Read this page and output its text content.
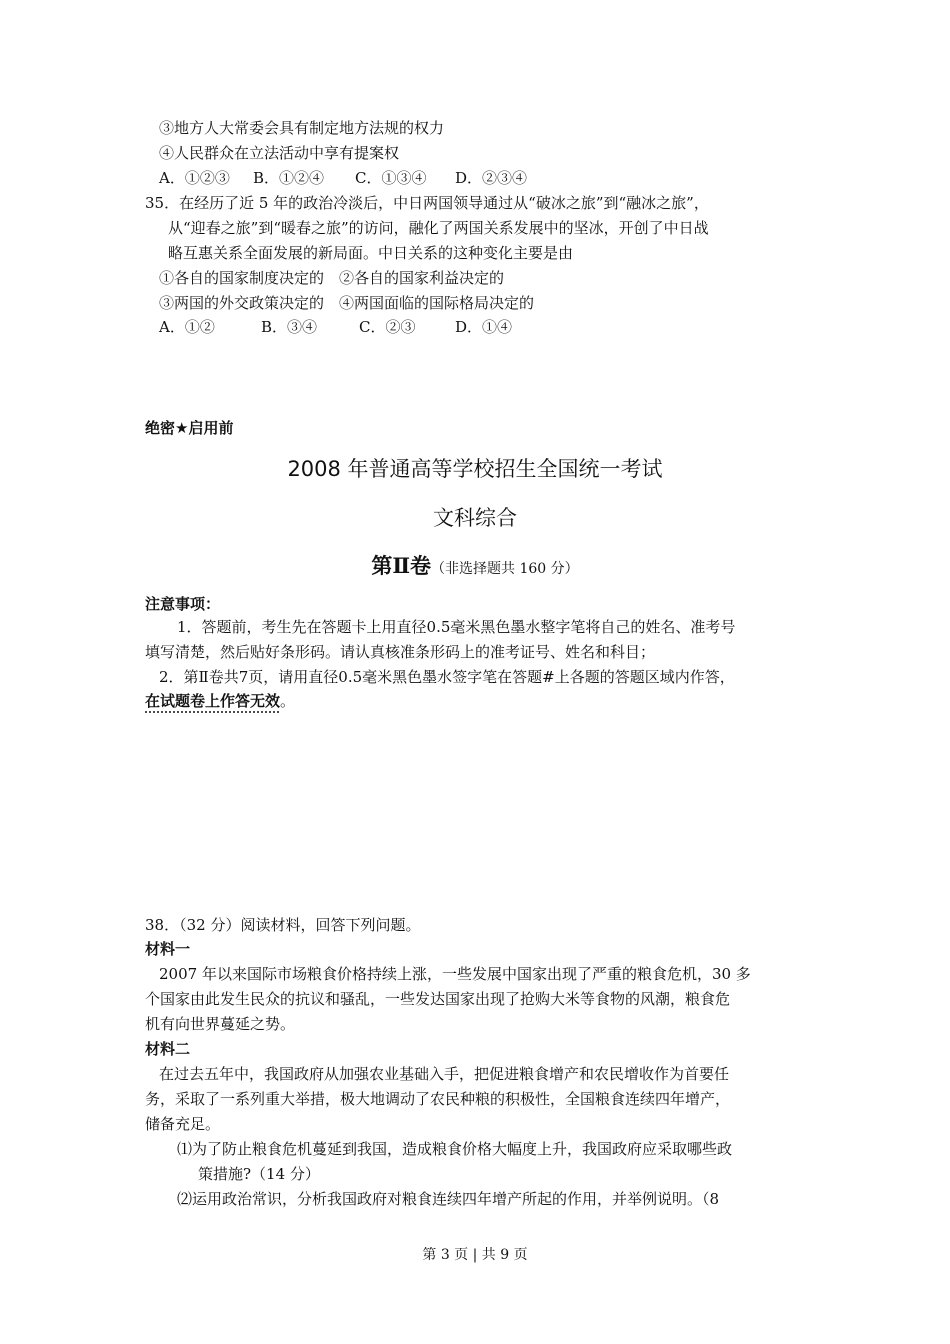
③地方人大常委会具有制定地方法规的权力
④人民群众在立法活动中享有提案权
A．①②③ B．①②④ C．①③④ D．②③④
35．在经历了近 5 年的政治冷淡后，中日两国领导通过从“破冰之旅”到“融冰之旅”，
从“迎春之旅”到“暖春之旅”的访问，融化了两国关系发展中的坚冰，开创了中日战
略互惠关系全面发展的新局面。中日关系的这种变化主要是由
①各自的国家制度决定的　②各自的国家利益决定的
③两国的外交政策决定的　④两国面临的国际格局决定的
A．①②	B．③④	C．②③	D．①④
绝密★启用前
2008 年普通高等学校招生全国统一考试
文科综合
第Ⅱ卷（非选择题共 160 分）
注意事项：
1．答题前，考生先在答题卡上用直径0.5毫米黑色墨水整字笔将自己的姓名、准考号
填写清楚，然后贴好条形码。请认真核准条形码上的准考证号、姓名和科目；
2．第Ⅱ卷共7页，请用直径0.5毫米黑色墨水签字笔在答题#上各题的答题区域内作答，
在试题卷上作答无效。
38．（32 分）阅读材料，回答下列问题。
材料一
2007 年以来国际市场粮食价格持续上涨，一些发展中国家出现了严重的粮食危机，30 多
个国家由此发生民众的抗议和骚乱，一些发达国家出现了抢购大米等食物的风潮，粮食危
机有向世界蔓延之势。
材料二
在过去五年中，我国政府从加强农业基础入手，把促进粮食增产和农民增收作为首要任
务，采取了一系列重大举措，极大地调动了农民种粮的积极性，全国粮食连续四年增产，
储备充足。
⑴为了防止粮食危机蔓延到我国，造成粮食价格大幅度上升，我国政府应采取哪些政
策措施?（14 分）
⑵运用政治常识，分析我国政府对粮食连续四年增产所起的作用，并举例说明。（8
第 3 页 | 共 9 页
